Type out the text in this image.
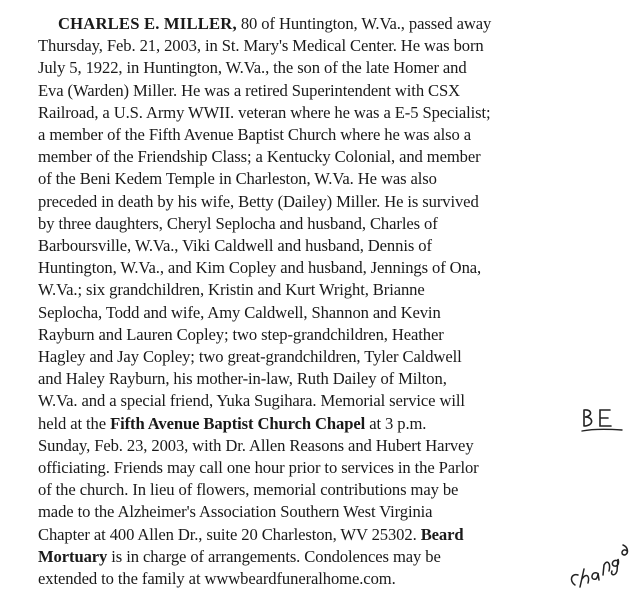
CHARLES E. MILLER, 80 of Huntington, W.Va., passed away
Thursday, Feb. 21, 2003, in St. Mary's Medical Center. He was born
July 5, 1922, in Huntington, W.Va., the son of the late Homer and
Eva (Warden) Miller. He was a retired Superintendent with CSX
Railroad, a U.S. Army WWII. veteran where he was a E-5 Specialist;
a member of the Fifth Avenue Baptist Church where he was also a
member of the Friendship Class; a Kentucky Colonial, and member
of the Beni Kedem Temple in Charleston, W.Va. He was also
preceded in death by his wife, Betty (Dailey) Miller. He is survived
by three daughters, Cheryl Seplocha and husband, Charles of
Barboursville, W.Va., Viki Caldwell and husband, Dennis of
Huntington, W.Va., and Kim Copley and husband, Jennings of Ona,
W.Va.; six grandchildren, Kristin and Kurt Wright, Brianne
Seplocha, Todd and wife, Amy Caldwell, Shannon and Kevin
Rayburn and Lauren Copley; two step-grandchildren, Heather
Hagley and Jay Copley; two great-grandchildren, Tyler Caldwell
and Haley Rayburn, his mother-in-law, Ruth Dailey of Milton,
W.Va. and a special friend, Yuka Sugihara. Memorial service will
held at the Fifth Avenue Baptist Church Chapel at 3 p.m.
Sunday, Feb. 23, 2003, with Dr. Allen Reasons and Hubert Harvey
officiating. Friends may call one hour prior to services in the Parlor
of the church. In lieu of flowers, memorial contributions may be
made to the Alzheimer's Association Southern West Virginia
Chapter at 400 Allen Dr., suite 20 Charleston, WV 25302. Beard
Mortuary is in charge of arrangements. Condolences may be
extended to the family at wwwbeardfuneralhome.com.
